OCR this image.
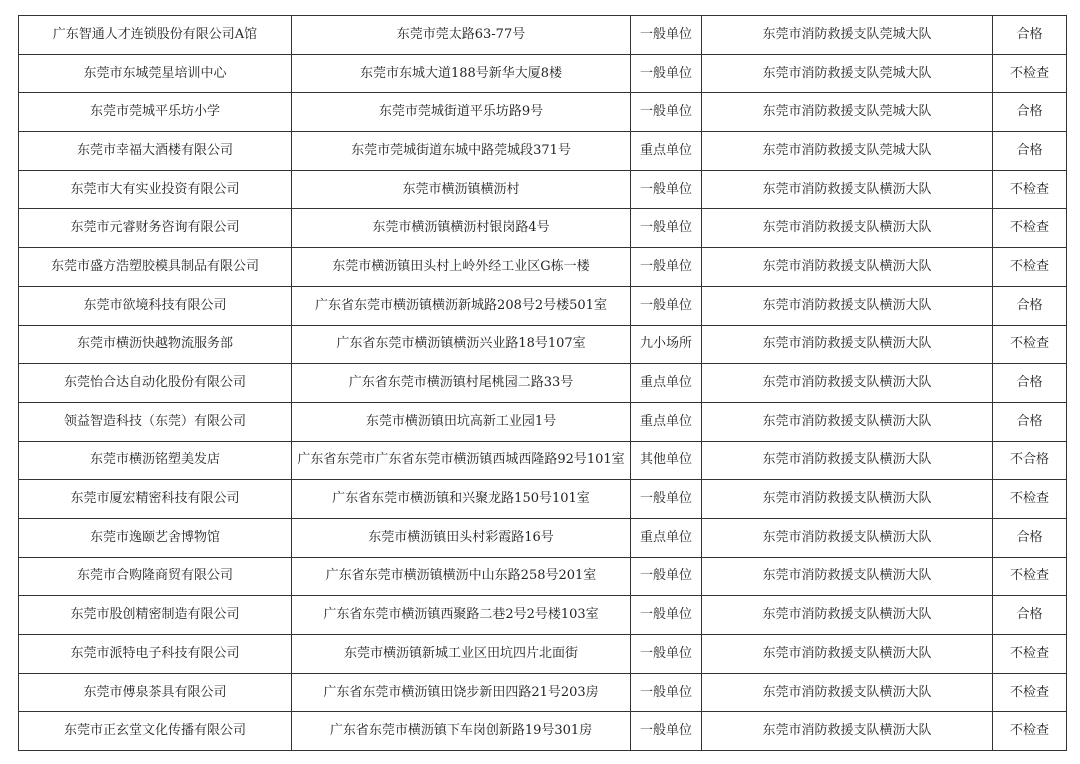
广东智通人才连锁股份有限公司A馆	东莞市莞太路63-77号	一般单位	东莞市消防救援支队莞城大队	合格
东莞市东城莞星培训中心	东莞市东城大道188号新华大厦8楼	一般单位	东莞市消防救援支队莞城大队	不检查
东莞市莞城平乐坊小学	东莞市莞城街道平乐坊路9号	一般单位	东莞市消防救援支队莞城大队	合格
东莞市幸福大酒楼有限公司	东莞市莞城街道东城中路莞城段371号	重点单位	东莞市消防救援支队莞城大队	合格
东莞市大有实业投资有限公司	东莞市横沥镇横沥村	一般单位	东莞市消防救援支队横沥大队	不检查
东莞市元睿财务咨询有限公司	东莞市横沥镇横沥村银岗路4号	一般单位	东莞市消防救援支队横沥大队	不检查
东莞市盛方浩塑胶模具制品有限公司	东莞市横沥镇田头村上岭外经工业区G栋一楼	一般单位	东莞市消防救援支队横沥大队	不检查
东莞市欲境科技有限公司	广东省东莞市横沥镇横沥新城路208号2号楼501室	一般单位	东莞市消防救援支队横沥大队	合格
东莞市横沥快越物流服务部	广东省东莞市横沥镇横沥兴业路18号107室	九小场所	东莞市消防救援支队横沥大队	不检查
东莞怡合达自动化股份有限公司	广东省东莞市横沥镇村尾桃园二路33号	重点单位	东莞市消防救援支队横沥大队	合格
领益智造科技（东莞）有限公司	东莞市横沥镇田坑高新工业园1号	重点单位	东莞市消防救援支队横沥大队	合格
东莞市横沥铭塑美发店	广东省东莞市广东省东莞市横沥镇西城西隆路92号101室	其他单位	东莞市消防救援支队横沥大队	不合格
东莞市厦宏精密科技有限公司	广东省东莞市横沥镇和兴聚龙路150号101室	一般单位	东莞市消防救援支队横沥大队	不检查
东莞市逸颐艺舍博物馆	东莞市横沥镇田头村彩霞路16号	重点单位	东莞市消防救援支队横沥大队	合格
东莞市合购隆商贸有限公司	广东省东莞市横沥镇横沥中山东路258号201室	一般单位	东莞市消防救援支队横沥大队	不检查
东莞市股创精密制造有限公司	广东省东莞市横沥镇西聚路二巷2号2号楼103室	一般单位	东莞市消防救援支队横沥大队	合格
东莞市派特电子科技有限公司	东莞市横沥镇新城工业区田坑四片北面街	一般单位	东莞市消防救援支队横沥大队	不检查
东莞市傅泉茶具有限公司	广东省东莞市横沥镇田饶步新田四路21号203房	一般单位	东莞市消防救援支队横沥大队	不检查
东莞市正玄堂文化传播有限公司	广东省东莞市横沥镇下车岗创新路19号301房	一般单位	东莞市消防救援支队横沥大队	不检查
